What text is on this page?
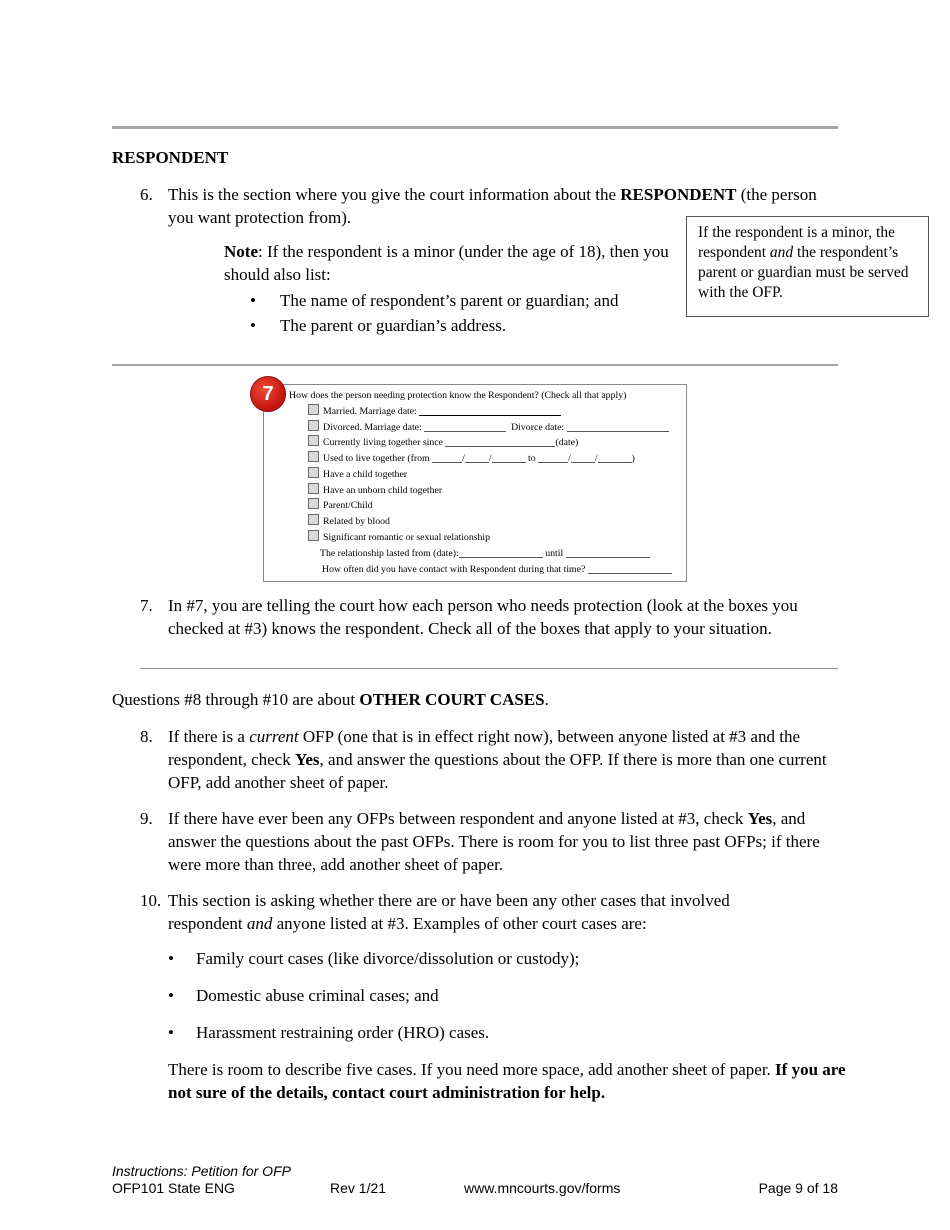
RESPONDENT
6. This is the section where you give the court information about the RESPONDENT (the person you want protection from).
Note: If the respondent is a minor (under the age of 18), then you should also list:
• The name of respondent’s parent or guardian; and
• The parent or guardian’s address.
If the respondent is a minor, the respondent and the respondent’s parent or guardian must be served with the OFP.
How does the person needing protection know the Respondent? (Check all that apply)
Married. Marriage date:
Divorced. Marriage date:	Divorce date:
Currently living together since	(date)
Used to live together (from	/ /	to	/ /	)
Have a child together
Have an unborn child together
Parent/Child
Related by blood
Significant romantic or sexual relationship
The relationship lasted from (date):	until
How often did you have contact with Respondent during that time?
7
7. In #7, you are telling the court how each person who needs protection (look at the boxes you checked at #3) knows the respondent. Check all of the boxes that apply to your situation.
Questions #8 through #10 are about OTHER COURT CASES.
8. If there is a current OFP (one that is in effect right now), between anyone listed at #3 and the respondent, check Yes, and answer the questions about the OFP. If there is more than one current OFP, add another sheet of paper.
9. If there have ever been any OFPs between respondent and anyone listed at #3, check Yes, and answer the questions about the past OFPs. There is room for you to list three past OFPs; if there were more than three, add another sheet of paper.
10. This section is asking whether there are or have been any other cases that involved respondent and anyone listed at #3. Examples of other court cases are:
• Family court cases (like divorce/dissolution or custody);
• Domestic abuse criminal cases; and
• Harassment restraining order (HRO) cases.
There is room to describe five cases. If you need more space, add another sheet of paper. If you are not sure of the details, contact court administration for help.
Instructions: Petition for OFP
OFP101 State ENG	Rev 1/21	www.mncourts.gov/forms	Page 9 of 18
